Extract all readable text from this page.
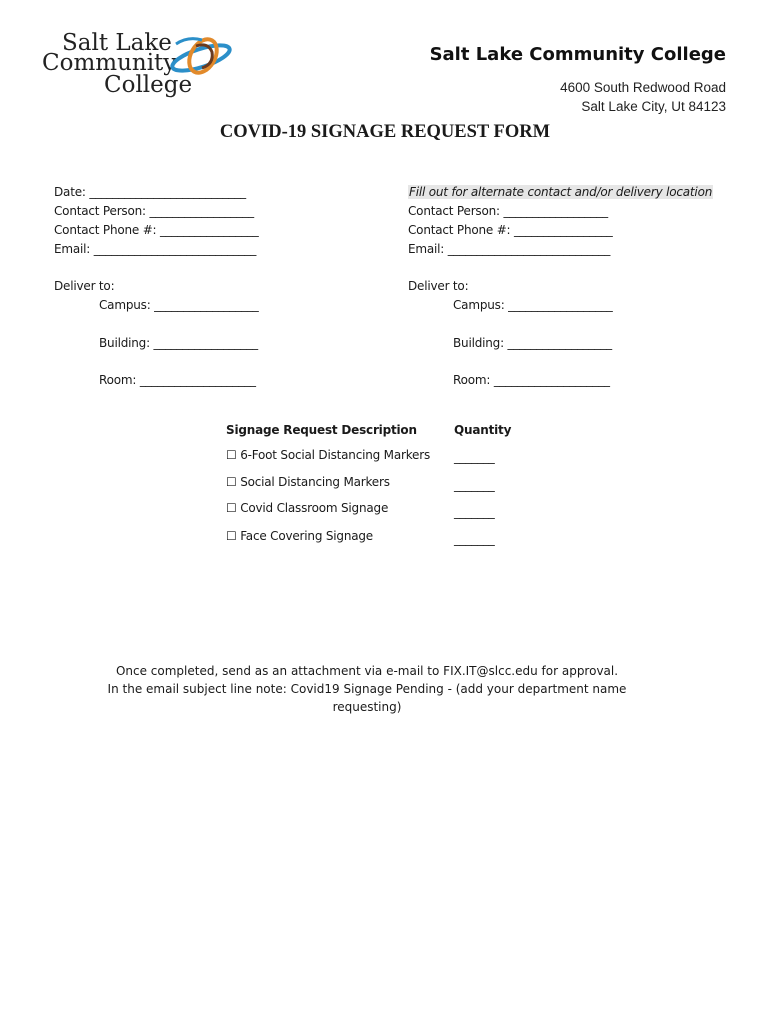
Salt Lake
Community
College
Salt Lake Community College
4600 South Redwood Road
Salt Lake City, Ut 84123
COVID-19 SIGNAGE REQUEST FORM
Date: ___________________________
Contact Person: __________________
Contact Phone #: _________________
Email: ____________________________
Deliver to:
Campus: __________________
Building: __________________
Room: ____________________
Fill out for alternate contact and/or delivery location
Contact Person: __________________
Contact Phone #: _________________
Email: ____________________________
Deliver to:
Campus: __________________
Building: __________________
Room: ____________________
Signage Request Description	Quantity
☐ 6-Foot Social Distancing Markers _______
☐ Social Distancing Markers	_______
☐ Covid Classroom Signage	_______
☐ Face Covering Signage	_______
Once completed, send as an attachment via e-mail to FIX.IT@slcc.edu for approval.
In the email subject line note: Covid19 Signage Pending - (add your department name
requesting)
